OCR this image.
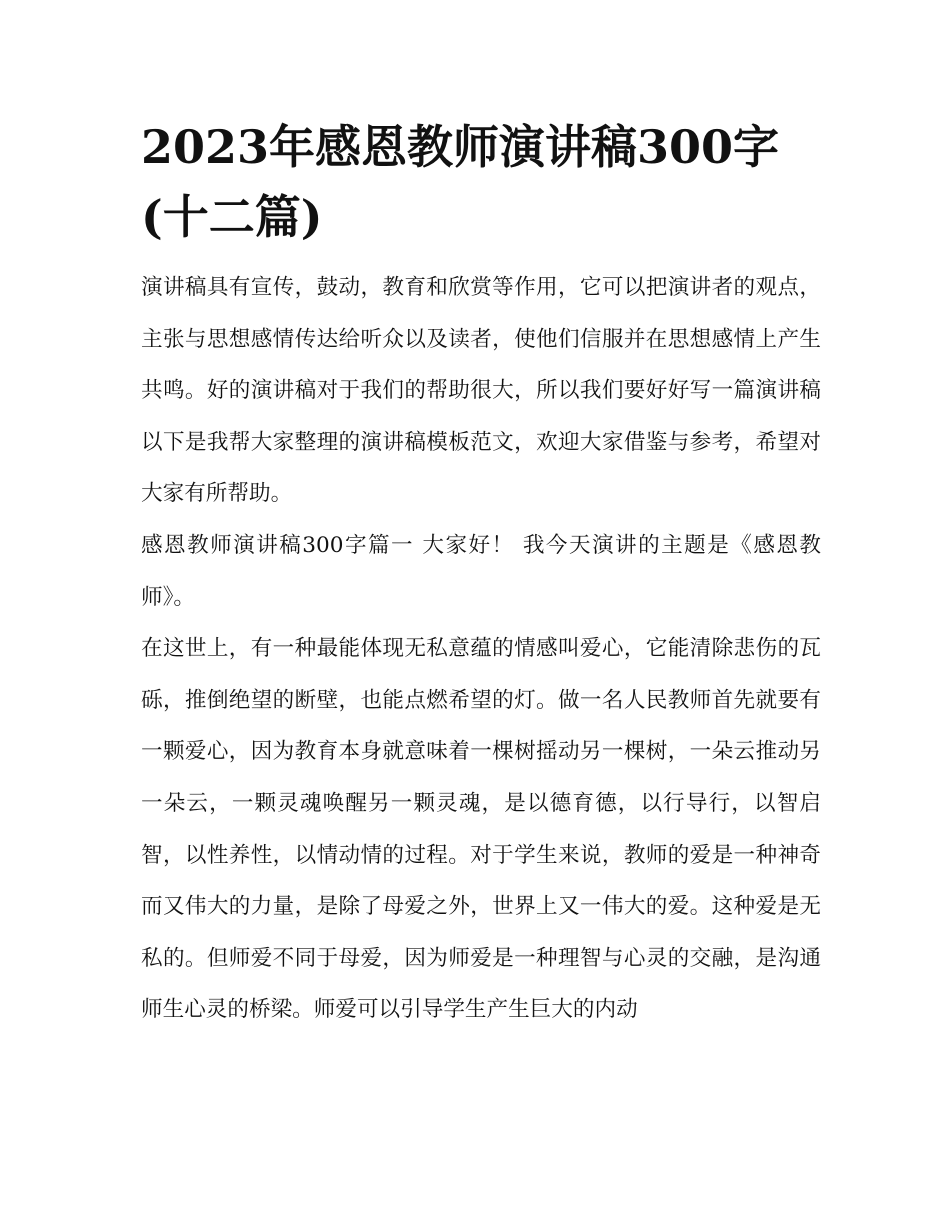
2023年感恩教师演讲稿300字(十二篇)

演讲稿具有宣传，鼓动，教育和欣赏等作用，它可以把演讲者的观点，主张与思想感情传达给听众以及读者，使他们信服并在思想感情上产生共鸣。好的演讲稿对于我们的帮助很大，所以我们要好好写一篇演讲稿以下是我帮大家整理的演讲稿模板范文，欢迎大家借鉴与参考，希望对大家有所帮助。

感恩教师演讲稿300字篇一 大家好！ 我今天演讲的主题是《感恩教师》。

在这世上，有一种最能体现无私意蕴的情感叫爱心，它能清除悲伤的瓦砾，推倒绝望的断壁，也能点燃希望的灯。做一名人民教师首先就要有一颗爱心，因为教育本身就意味着一棵树摇动另一棵树，一朵云推动另一朵云，一颗灵魂唤醒另一颗灵魂，是以德育德，以行导行，以智启智，以性养性，以情动情的过程。对于学生来说，教师的爱是一种神奇而又伟大的力量，是除了母爱之外，世界上又一伟大的爱。这种爱是无私的。但师爱不同于母爱，因为师爱是一种理智与心灵的交融，是沟通师生心灵的桥梁。师爱可以引导学生产生巨大的内动
